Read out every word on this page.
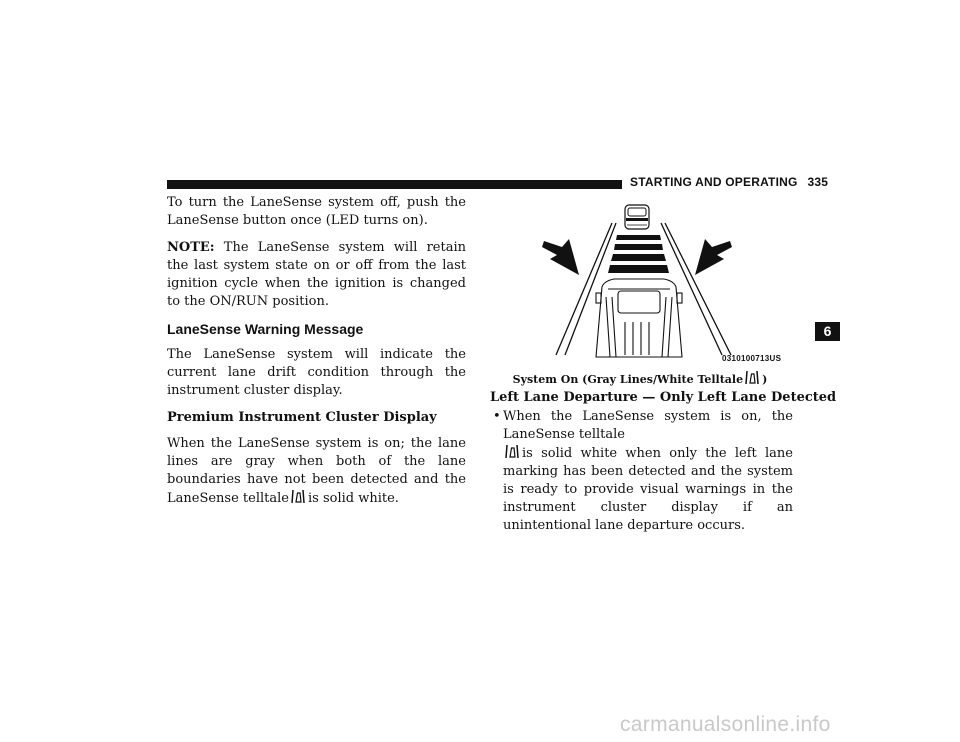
STARTING AND OPERATING 335

To turn the LaneSense system off, push the LaneSense button once (LED turns on).

NOTE: The LaneSense system will retain the last system state on or off from the last ignition cycle when the ignition is changed to the ON/RUN position.

LaneSense Warning Message

The LaneSense system will indicate the current lane drift condition through the instrument cluster display.

Premium Instrument Cluster Display

When the LaneSense system is on; the lane lines are gray when both of the lane boundaries have not been detected and the LaneSense telltale is solid white.

0310100713US
System On (Gray Lines/White Telltale )
Left Lane Departure — Only Left Lane Detected
• When the LaneSense system is on, the LaneSense telltale
is solid white when only the left lane marking has been detected and the system is ready to provide visual warnings in the instrument cluster display if an unintentional lane departure occurs.
6
carmanualsonline.info
